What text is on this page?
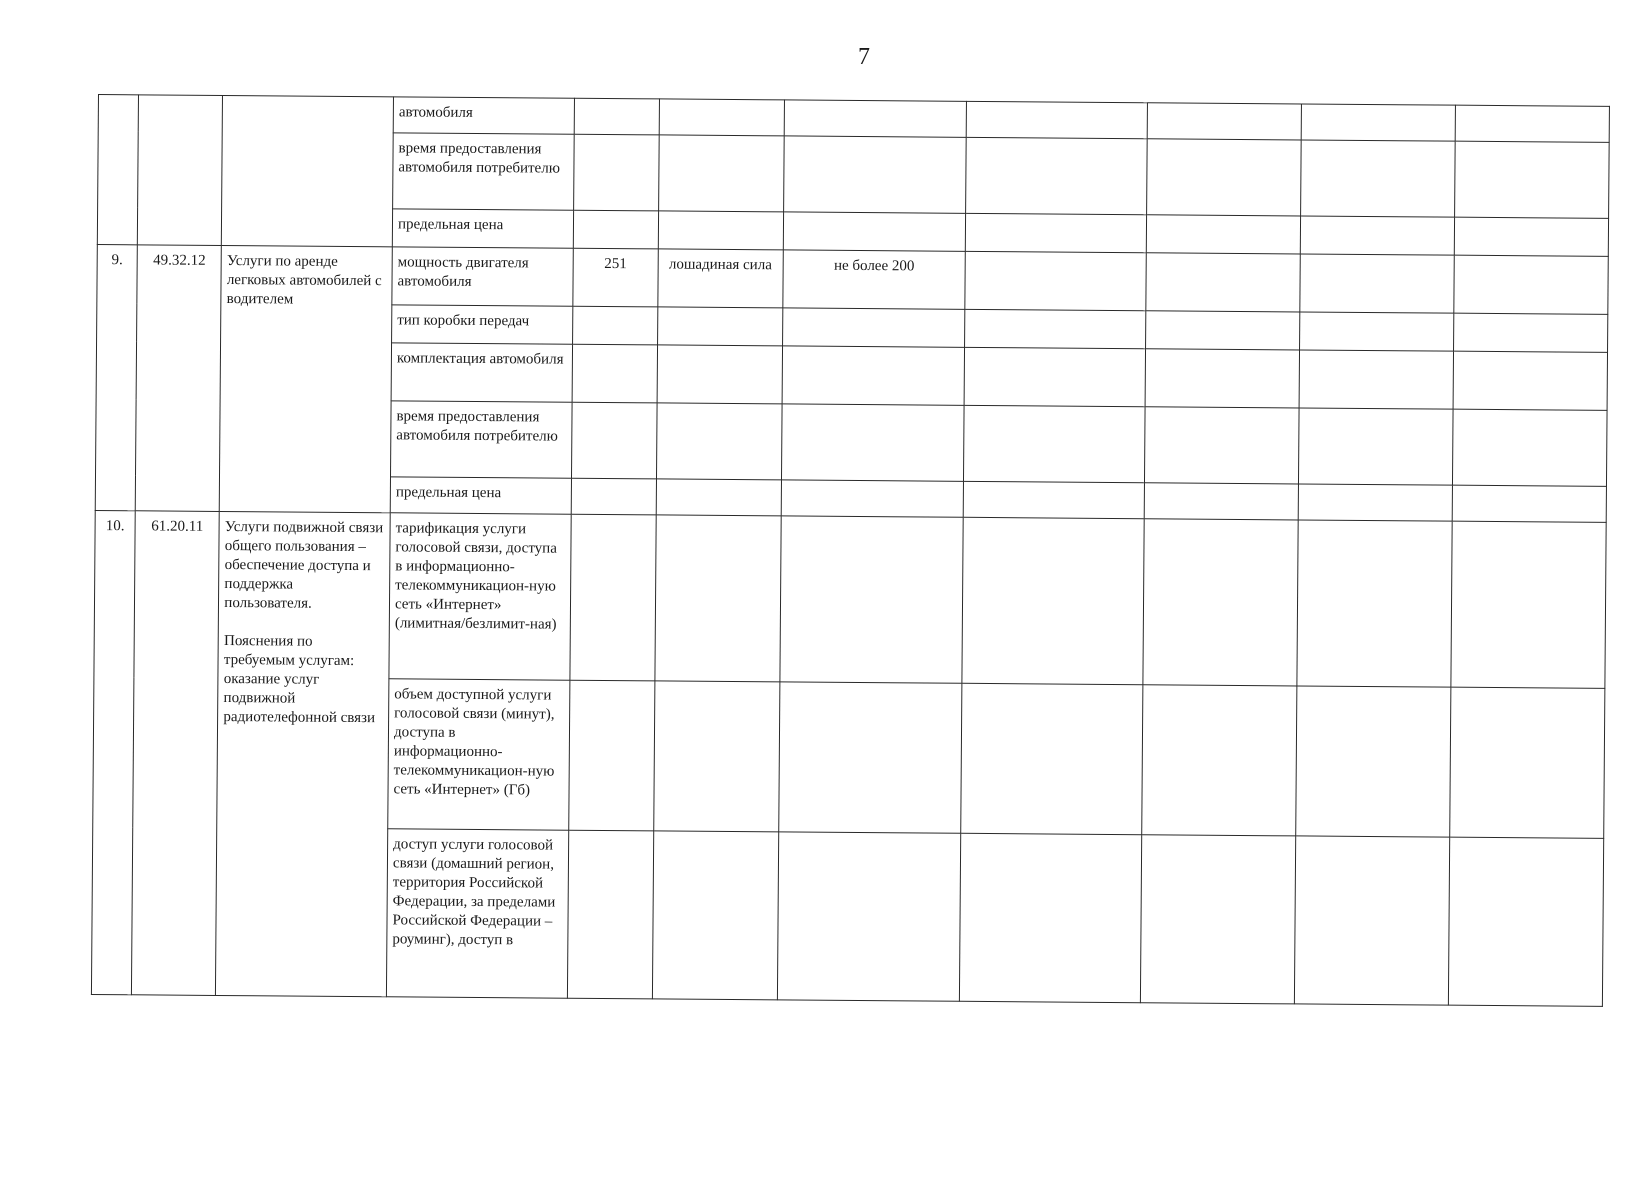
7
			автомобиля							
			время предоставления автомобиля потребителю							
			предельная цена							
9.	49.32.12	Услуги по аренде легковых автомобилей с водителем	мощность двигателя автомобиля	251	лошадиная сила	не более 200				
			тип коробки передач							
			комплектация автомобиля							
			время предоставления автомобиля потребителю							
			предельная цена							
10.	61.20.11	Услуги подвижной связи общего пользования – обеспечение доступа и поддержка пользователя.
Пояснения по требуемым услугам: оказание услуг подвижной радиотелефонной связи	тарификация услуги голосовой связи, доступа в информационно-телекоммуникацион-ную сеть «Интернет» (лимитная/безлимит-ная)							
			объем доступной услуги голосовой связи (минут), доступа в информационно-телекоммуникацион-ную сеть «Интернет» (Гб)							
			доступ услуги голосовой связи (домашний регион, территория Российской Федерации, за пределами Российской Федерации – роуминг), доступ в							
